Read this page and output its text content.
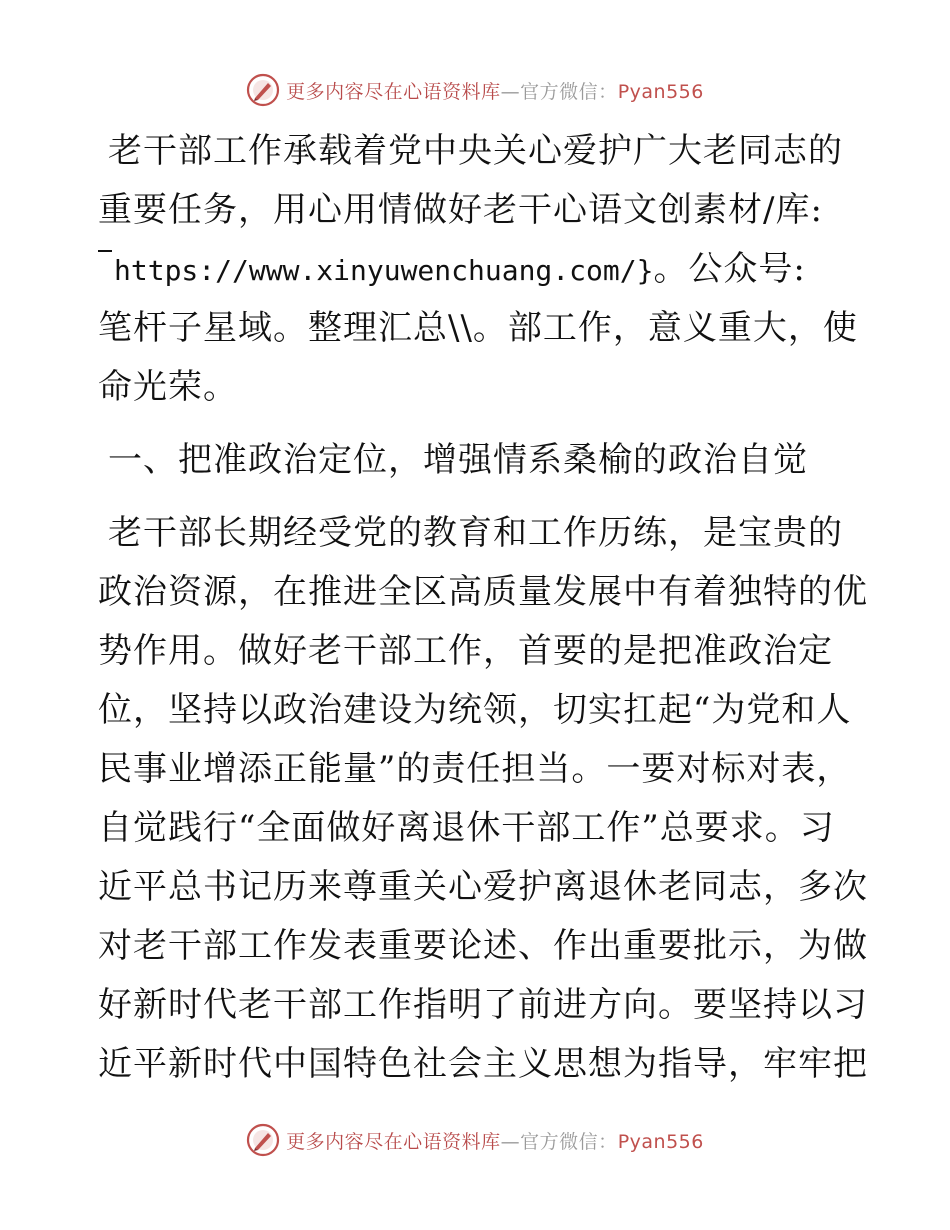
更多内容尽在心语资料库—官方微信：Pyan556
老干部工作承载着党中央关心爱护广大老同志的
重要任务，用心用情做好老干心语文创素材/库:
https://www.xinyuwenchuang.com/}。公众号:
笔杆子星域。整理汇总\\。部工作，意义重大，使
命光荣。
一、把准政治定位，增强情系桑榆的政治自觉
老干部长期经受党的教育和工作历练，是宝贵的
政治资源，在推进全区高质量发展中有着独特的优
势作用。做好老干部工作，首要的是把准政治定
位，坚持以政治建设为统领，切实扛起“为党和人
民事业增添正能量”的责任担当。一要对标对表，
自觉践行“全面做好离退休干部工作”总要求。习
近平总书记历来尊重关心爱护离退休老同志，多次
对老干部工作发表重要论述、作出重要批示，为做
好新时代老干部工作指明了前进方向。要坚持以习
近平新时代中国特色社会主义思想为指导，牢牢把
更多内容尽在心语资料库—官方微信：Pyan556
